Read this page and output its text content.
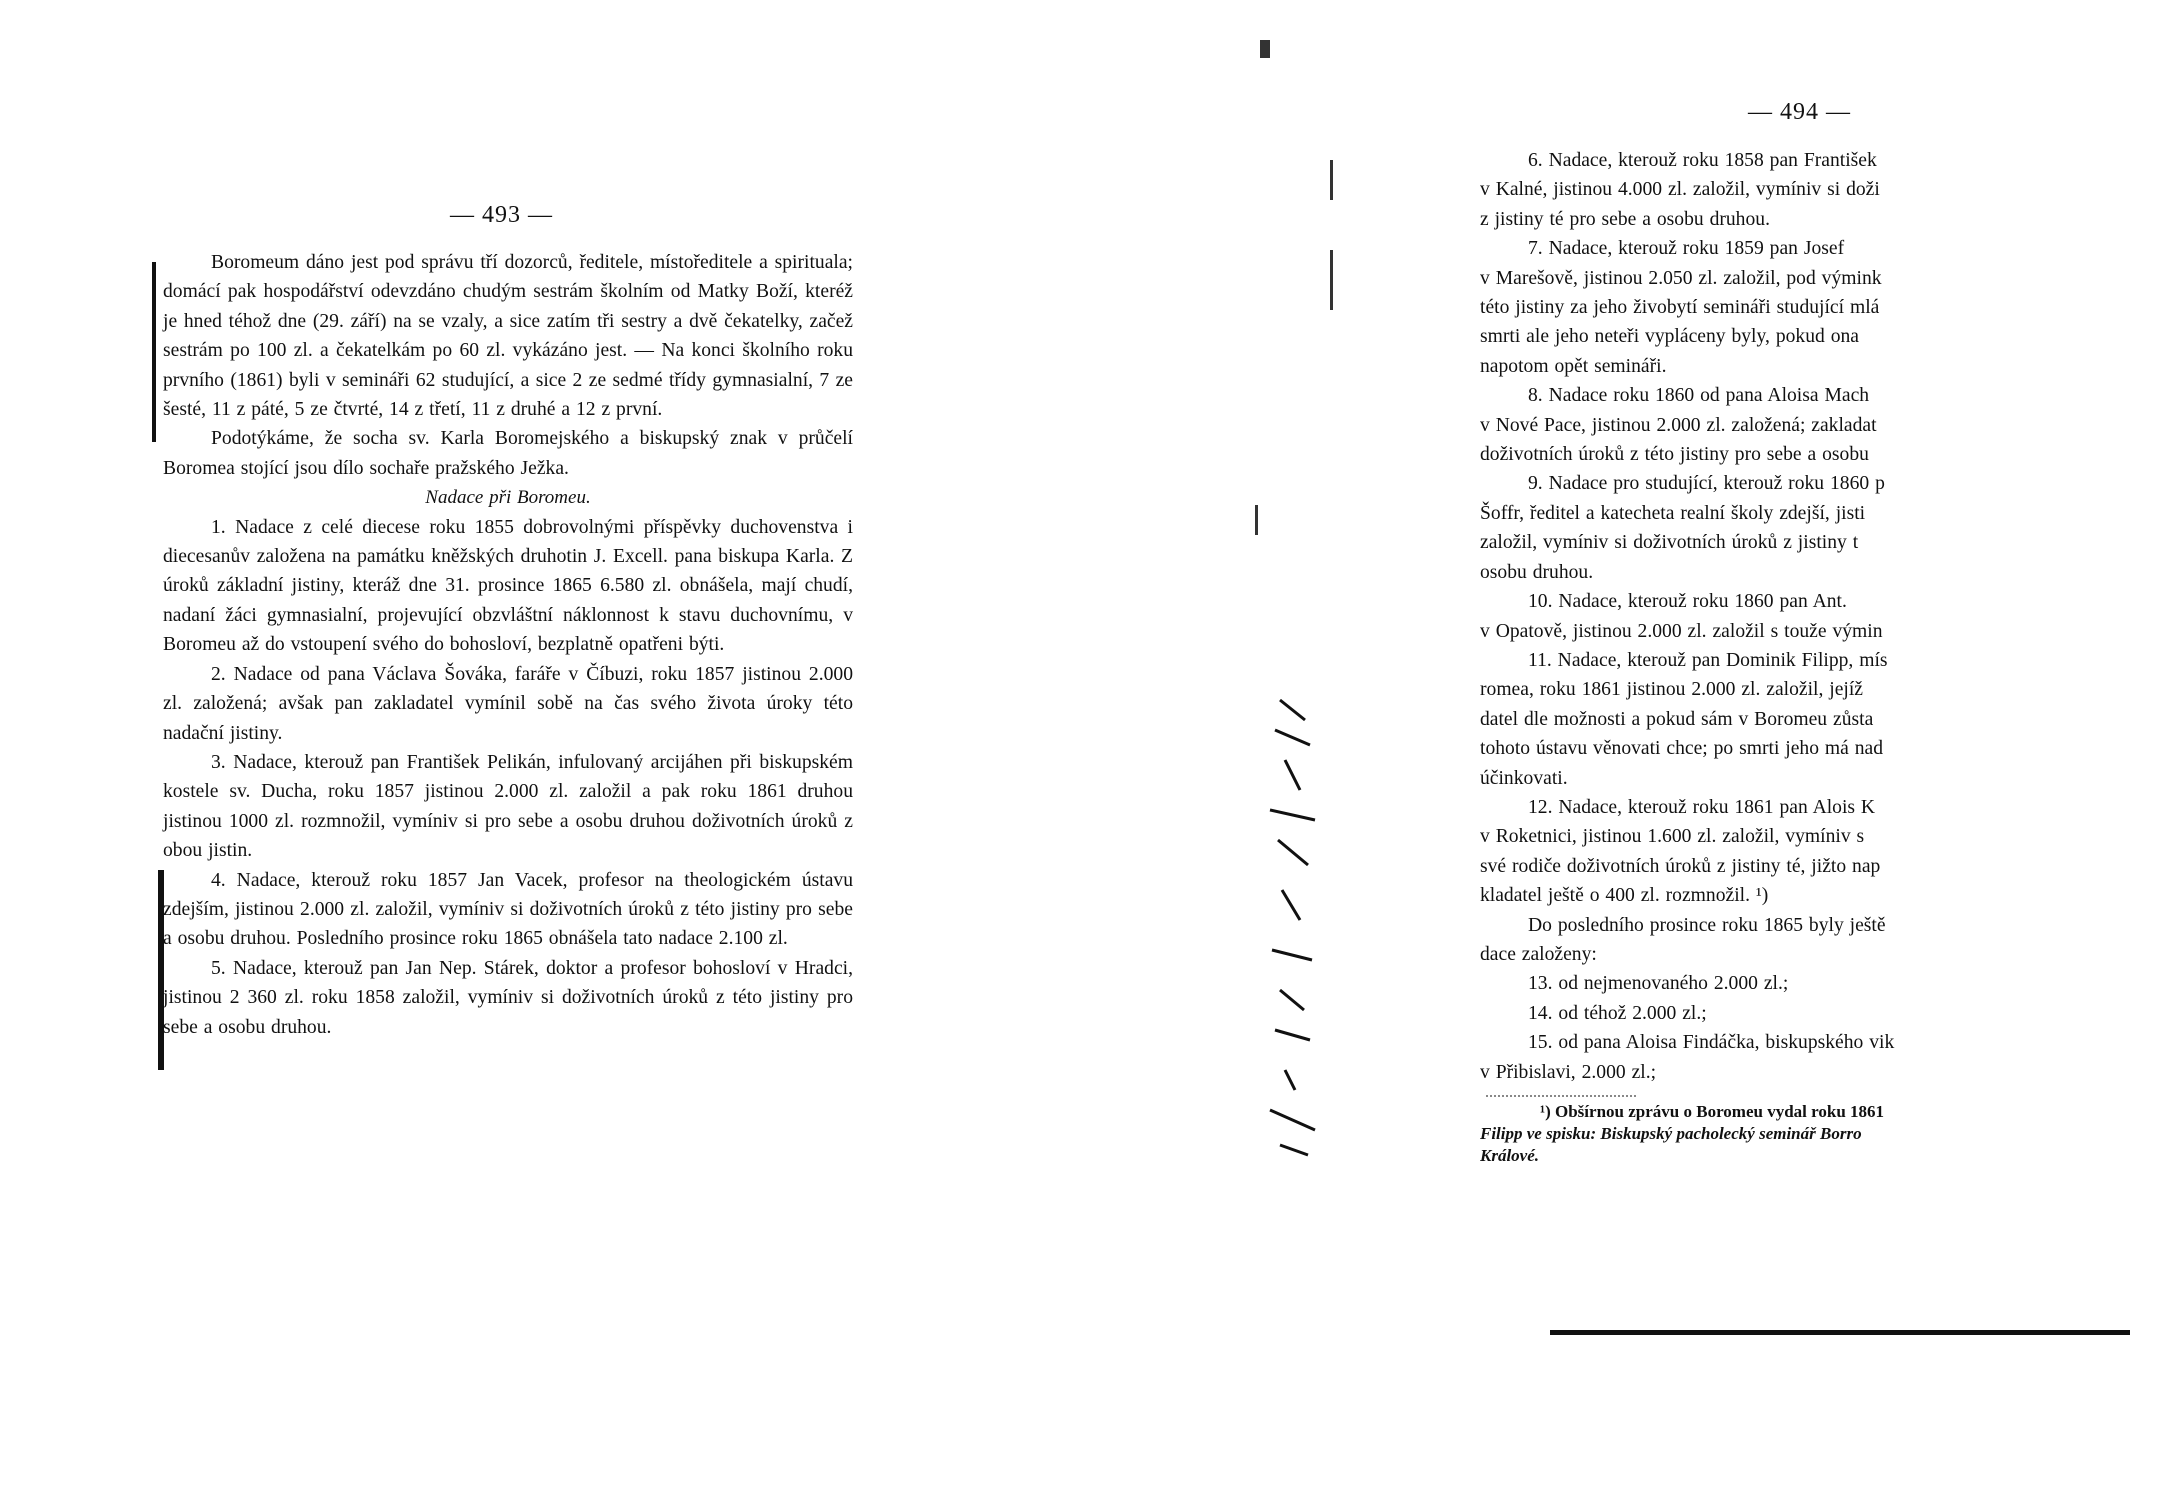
— 493 —

Boromeum dáno jest pod správu tří dozorců, ředitele, místoředitele a spirituala; domácí pak hospodářství odevzdáno chudým sestrám školním od Matky Boží, kteréž je hned téhož dne (29. září) na se vzaly, a sice zatím tři sestry a dvě čekatelky, začež sestrám po 100 zl. a čekatelkám po 60 zl. vykázáno jest. — Na konci školního roku prvního (1861) byli v semináři 62 studující, a sice 2 ze sedmé třídy gymnasialní, 7 ze šesté, 11 z páté, 5 ze čtvrté, 14 z třetí, 11 z druhé a 12 z první.

Podotýkáme, že socha sv. Karla Boromejského a biskupský znak v průčelí Boromea stojící jsou dílo sochaře pražského Ježka.

Nadace při Boromeu.

1. Nadace z celé diecese roku 1855 dobrovolnými příspěvky duchovenstva i diecesanův založena na památku kněžských druhotin J. Excell. pana biskupa Karla. Z úroků základní jistiny, kteráž dne 31. prosince 1865 6.580 zl. obnášela, mají chudí, nadaní žáci gymnasialní, projevující obzvláštní náklonnost k stavu duchovnímu, v Boromeu až do vstoupení svého do bohosloví, bezplatně opatřeni býti.

2. Nadace od pana Václava Šováka, faráře v Číbuzi, roku 1857 jistinou 2.000 zl. založená; avšak pan zakladatel vymínil sobě na čas svého života úroky této nadační jistiny.

3. Nadace, kterouž pan František Pelikán, infulovaný arcijáhen při biskupském kostele sv. Ducha, roku 1857 jistinou 2.000 zl. založil a pak roku 1861 druhou jistinou 1000 zl. rozmnožil, vymíniv si pro sebe a osobu druhou doživotních úroků z obou jistin.

4. Nadace, kterouž roku 1857 Jan Vacek, profesor na theologickém ústavu zdejším, jistinou 2.000 zl. založil, vymíniv si doživotních úroků z této jistiny pro sebe a osobu druhou. Posledního prosince roku 1865 obnášela tato nadace 2.100 zl.

5. Nadace, kterouž pan Jan Nep. Stárek, doktor a profesor bohosloví v Hradci, jistinou 2 360 zl. roku 1858 založil, vymíniv si doživotních úroků z této jistiny pro sebe a osobu druhou.

— 494 —

6. Nadace, kterouž roku 1858 pan František

v Kalné, jistinou 4.000 zl. založil, vymíniv si doži

z jistiny té pro sebe a osobu druhou.

7. Nadace, kterouž roku 1859 pan Josef

v Marešově, jistinou 2.050 zl. založil, pod výmink

této jistiny za jeho živobytí semináři studující mlá

smrti ale jeho neteři vypláceny byly, pokud ona

napotom opět semináři.

8. Nadace roku 1860 od pana Aloisa Mach

v Nové Pace, jistinou 2.000 zl. založená; zakladat

doživotních úroků z této jistiny pro sebe a osobu

9. Nadace pro studující, kterouž roku 1860 p

Šoffr, ředitel a katecheta realní školy zdejší, jisti

založil, vymíniv si doživotních úroků z jistiny t

osobu druhou.

10. Nadace, kterouž roku 1860 pan Ant.

v Opatově, jistinou 2.000 zl. založil s touže výmin

11. Nadace, kterouž pan Dominik Filipp, mís

romea, roku 1861 jistinou 2.000 zl. založil, jejíž

datel dle možnosti a pokud sám v Boromeu zůsta

tohoto ústavu věnovati chce; po smrti jeho má nad

účinkovati.

12. Nadace, kterouž roku 1861 pan Alois K

v Roketnici, jistinou 1.600 zl. založil, vymíniv s

své rodiče doživotních úroků z jistiny té, jižto nap

kladatel ještě o 400 zl. rozmnožil. ¹)

Do posledního prosince roku 1865 byly ještě

dace založeny:

13. od nejmenovaného 2.000 zl.;

14. od téhož 2.000 zl.;

15. od pana Aloisa Findáčka, biskupského vik

v Přibislavi, 2.000 zl.;

¹) Obšírnou zprávu o Boromeu vydal roku 1861
Filipp ve spisku: Biskupský pacholecký seminář Borro
Králové.
